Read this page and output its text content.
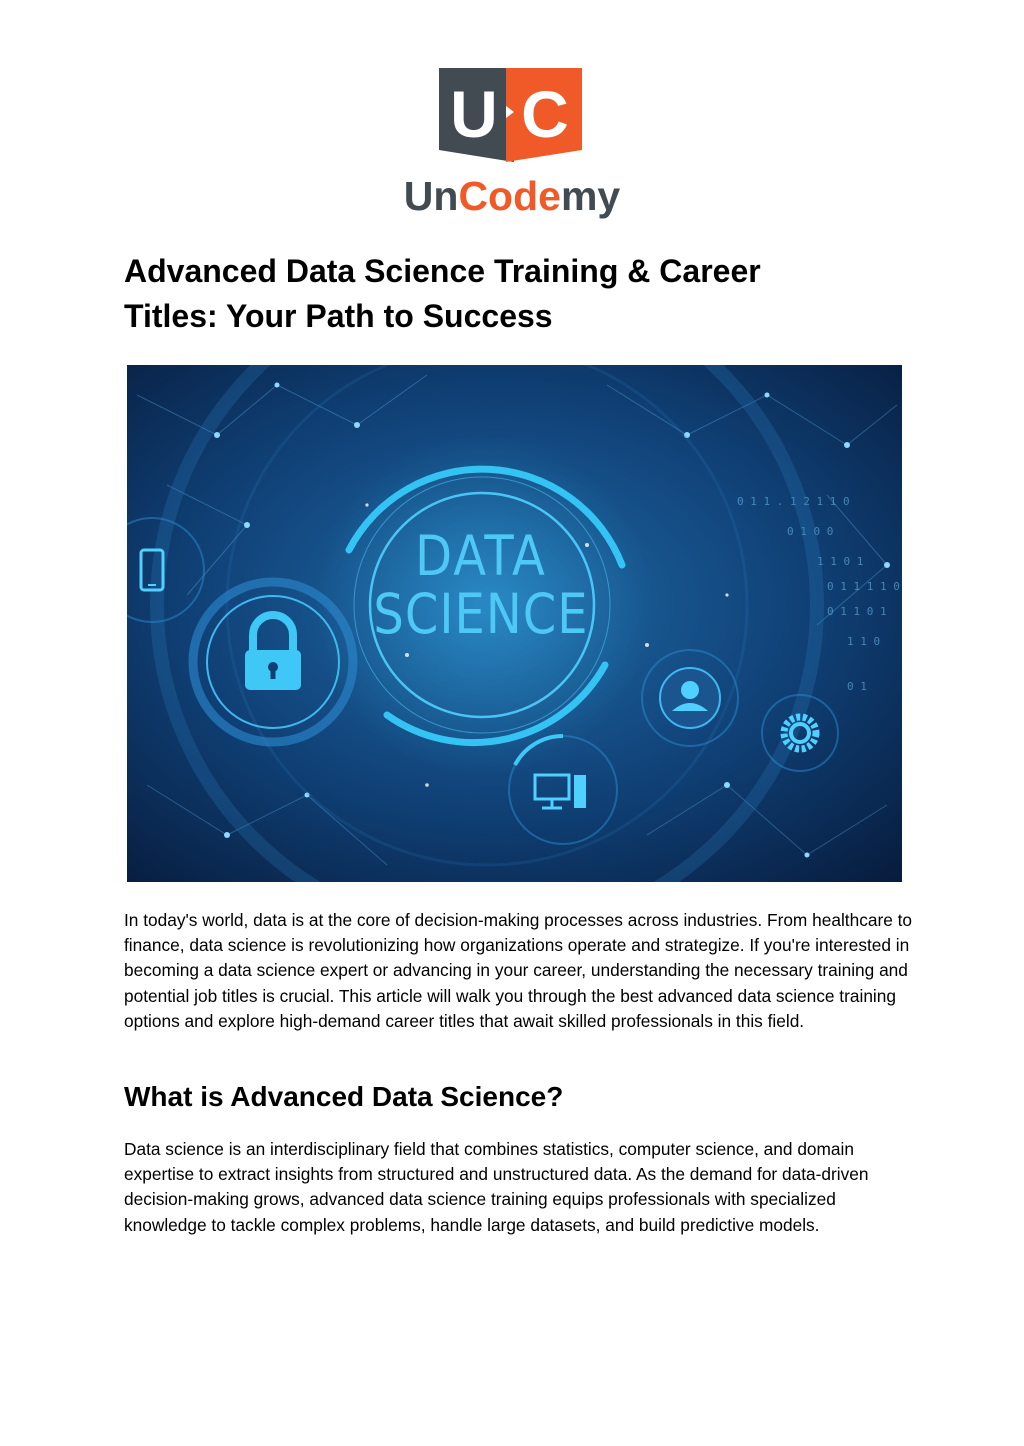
U C
UnCodemy
Advanced Data Science Training & Career
Titles: Your Path to Success
0 1 1 . 1 2 1 1 0
0 1 0 0
1 1 0 1
0 1 1 1 1 0
0 1 1 0 1
1 1 0
0 1
DATA
SCIENCE

In today's world, data is at the core of decision-making processes across industries. From healthcare to finance, data science is revolutionizing how organizations operate and strategize. If you're interested in becoming a data science expert or advancing in your career, understanding the necessary training and potential job titles is crucial. This article will walk you through the best advanced data science training options and explore high-demand career titles that await skilled professionals in this field.

What is Advanced Data Science?

Data science is an interdisciplinary field that combines statistics, computer science, and domain expertise to extract insights from structured and unstructured data. As the demand for data-driven decision-making grows, advanced data science training equips professionals with specialized knowledge to tackle complex problems, handle large datasets, and build predictive models.
